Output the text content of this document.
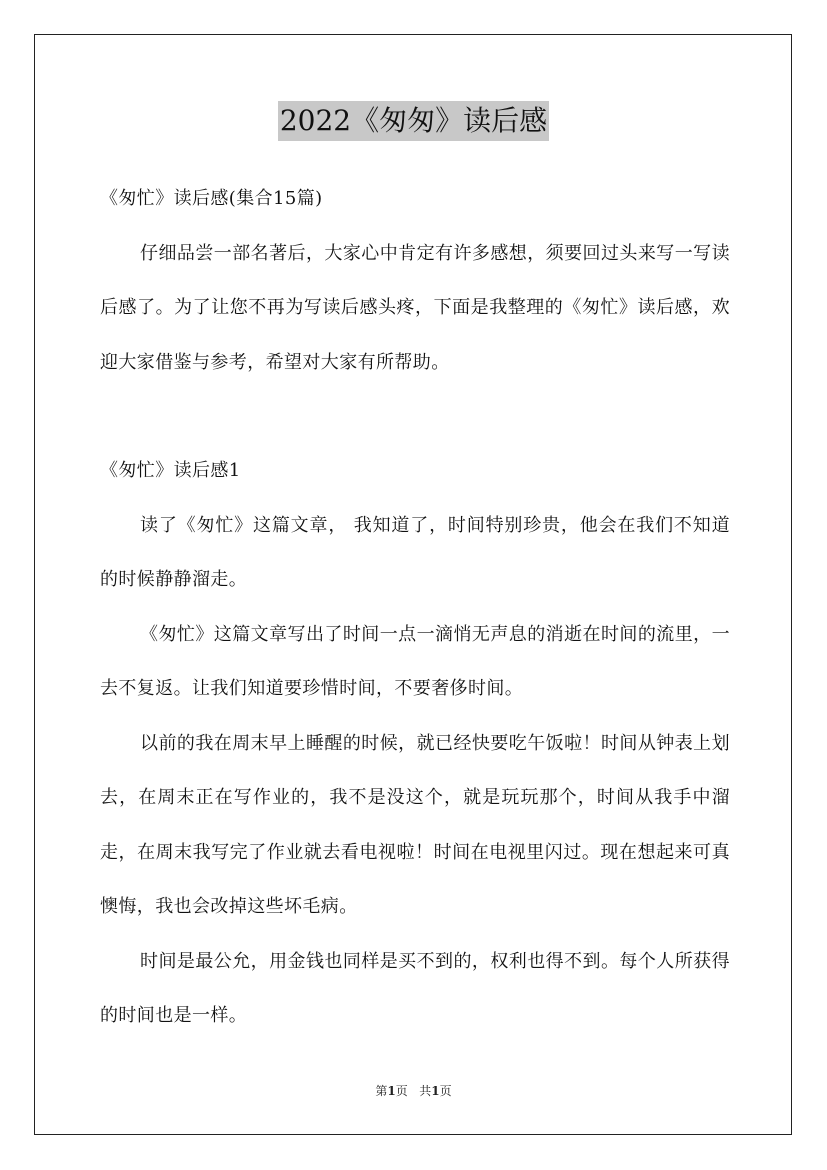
2022《匆匆》读后感

《匆忙》读后感(集合15篇)

仔细品尝一部名著后，大家心中肯定有许多感想，须要回过头来写一写读后感了。为了让您不再为写读后感头疼，下面是我整理的《匆忙》读后感，欢迎大家借鉴与参考，希望对大家有所帮助。

《匆忙》读后感1

读了《匆忙》这篇文章， 我知道了，时间特别珍贵，他会在我们不知道的时候静静溜走。

《匆忙》这篇文章写出了时间一点一滴悄无声息的消逝在时间的流里，一去不复返。让我们知道要珍惜时间，不要奢侈时间。

以前的我在周末早上睡醒的时候，就已经快要吃午饭啦！时间从钟表上划去，在周末正在写作业的，我不是没这个，就是玩玩那个，时间从我手中溜走，在周末我写完了作业就去看电视啦！时间在电视里闪过。现在想起来可真懊悔，我也会改掉这些坏毛病。

时间是最公允，用金钱也同样是买不到的，权利也得不到。每个人所获得的时间也是一样。

第1页   共1页
